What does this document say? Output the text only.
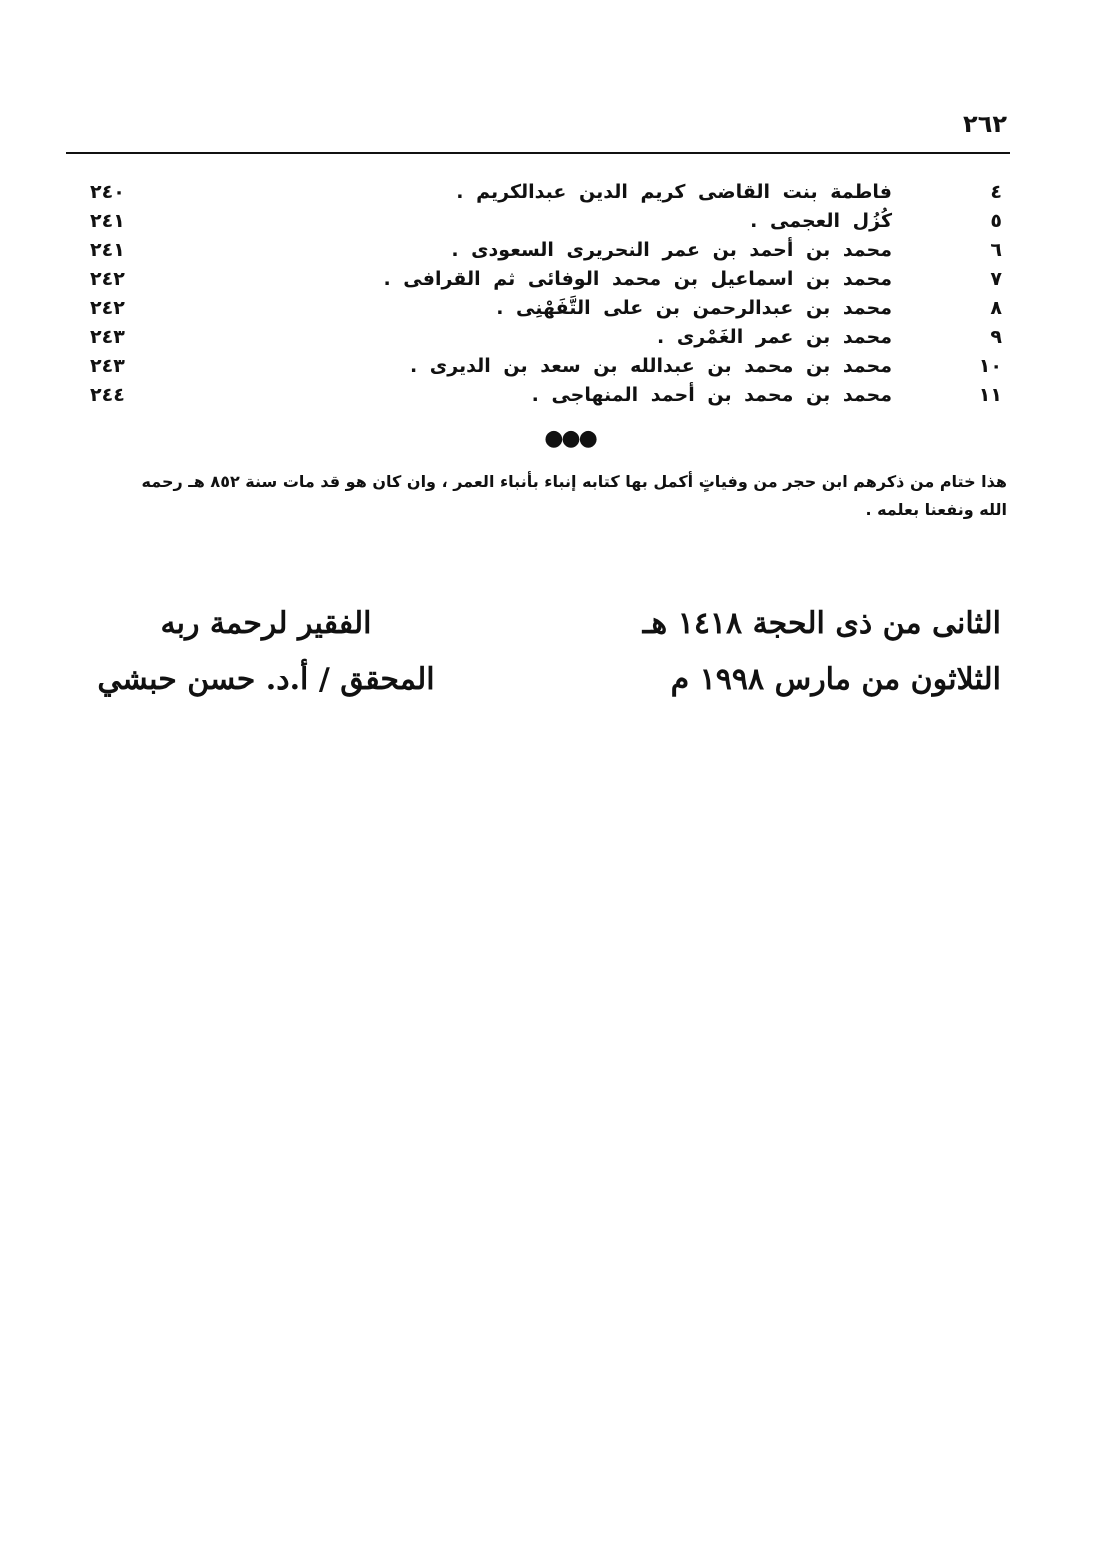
٢٦٢
٤
فاطمة بنت القاضى كريم الدين عبدالكريم .
٢٤٠
٥
كُزُل العجمى .
٢٤١
٦
محمد بن أحمد بن عمر النحريرى السعودى .
٢٤١
٧
محمد بن اسماعيل بن محمد الوفائى ثم القرافى .
٢٤٢
٨
محمد بن عبدالرحمن بن على التَّفَهْنِى .
٢٤٢
٩
محمد بن عمر الغَمْرى .
٢٤٣
١٠
محمد بن محمد بن عبدالله بن سعد بن الديرى .
٢٤٣
١١
محمد بن محمد بن أحمد المنهاجى .
٢٤٤
●●●
هذا ختام من ذكرهم ابن حجر من وفياتٍ أكمل بها كتابه إنباء بأنباء العمر ، وان كان هو قد مات سنة ٨٥٢ هـ رحمه
الله ونفعنا بعلمه .
الثانى من ذى الحجة ١٤١٨ هـ
الثلاثون من مارس ١٩٩٨ م
الفقير لرحمة ربه
المحقق / أ.د. حسن حبشي
